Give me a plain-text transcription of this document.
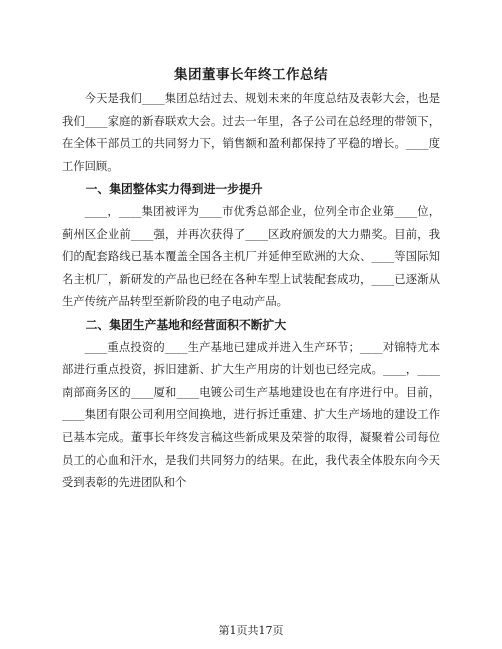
集团董事长年终工作总结

今天是我们____集团总结过去、规划未来的年度总结及表彰大会，也是我们____家庭的新春联欢大会。过去一年里，各子公司在总经理的带领下，在全体干部员工的共同努力下，销售额和盈利都保持了平稳的增长。____度工作回顾。

一、集团整体实力得到进一步提升

____，____集团被评为____市优秀总部企业，位列全市企业第____位，蓟州区企业前____强，并再次获得了____区政府颁发的大力鼎奖。目前，我们的配套路线已基本覆盖全国各主机厂并延伸至欧洲的大众、____等国际知名主机厂，新研发的产品也已经在各种车型上试装配套成功，____已逐渐从生产传统产品转型至新阶段的电子电动产品。

二、集团生产基地和经营面积不断扩大

____重点投资的____生产基地已建成并进入生产环节；____对锦特尤本部进行重点投资，拆旧建新、扩大生产用房的计划也已经完成。____，____南部商务区的____厦和____电镀公司生产基地建设也在有序进行中。目前，____集团有限公司利用空间换地，进行拆迁重建、扩大生产场地的建设工作已基本完成。董事长年终发言稿这些新成果及荣誉的取得，凝聚着公司每位员工的心血和汗水，是我们共同努力的结果。在此，我代表全体股东向今天受到表彰的先进团队和个

第1页共17页
